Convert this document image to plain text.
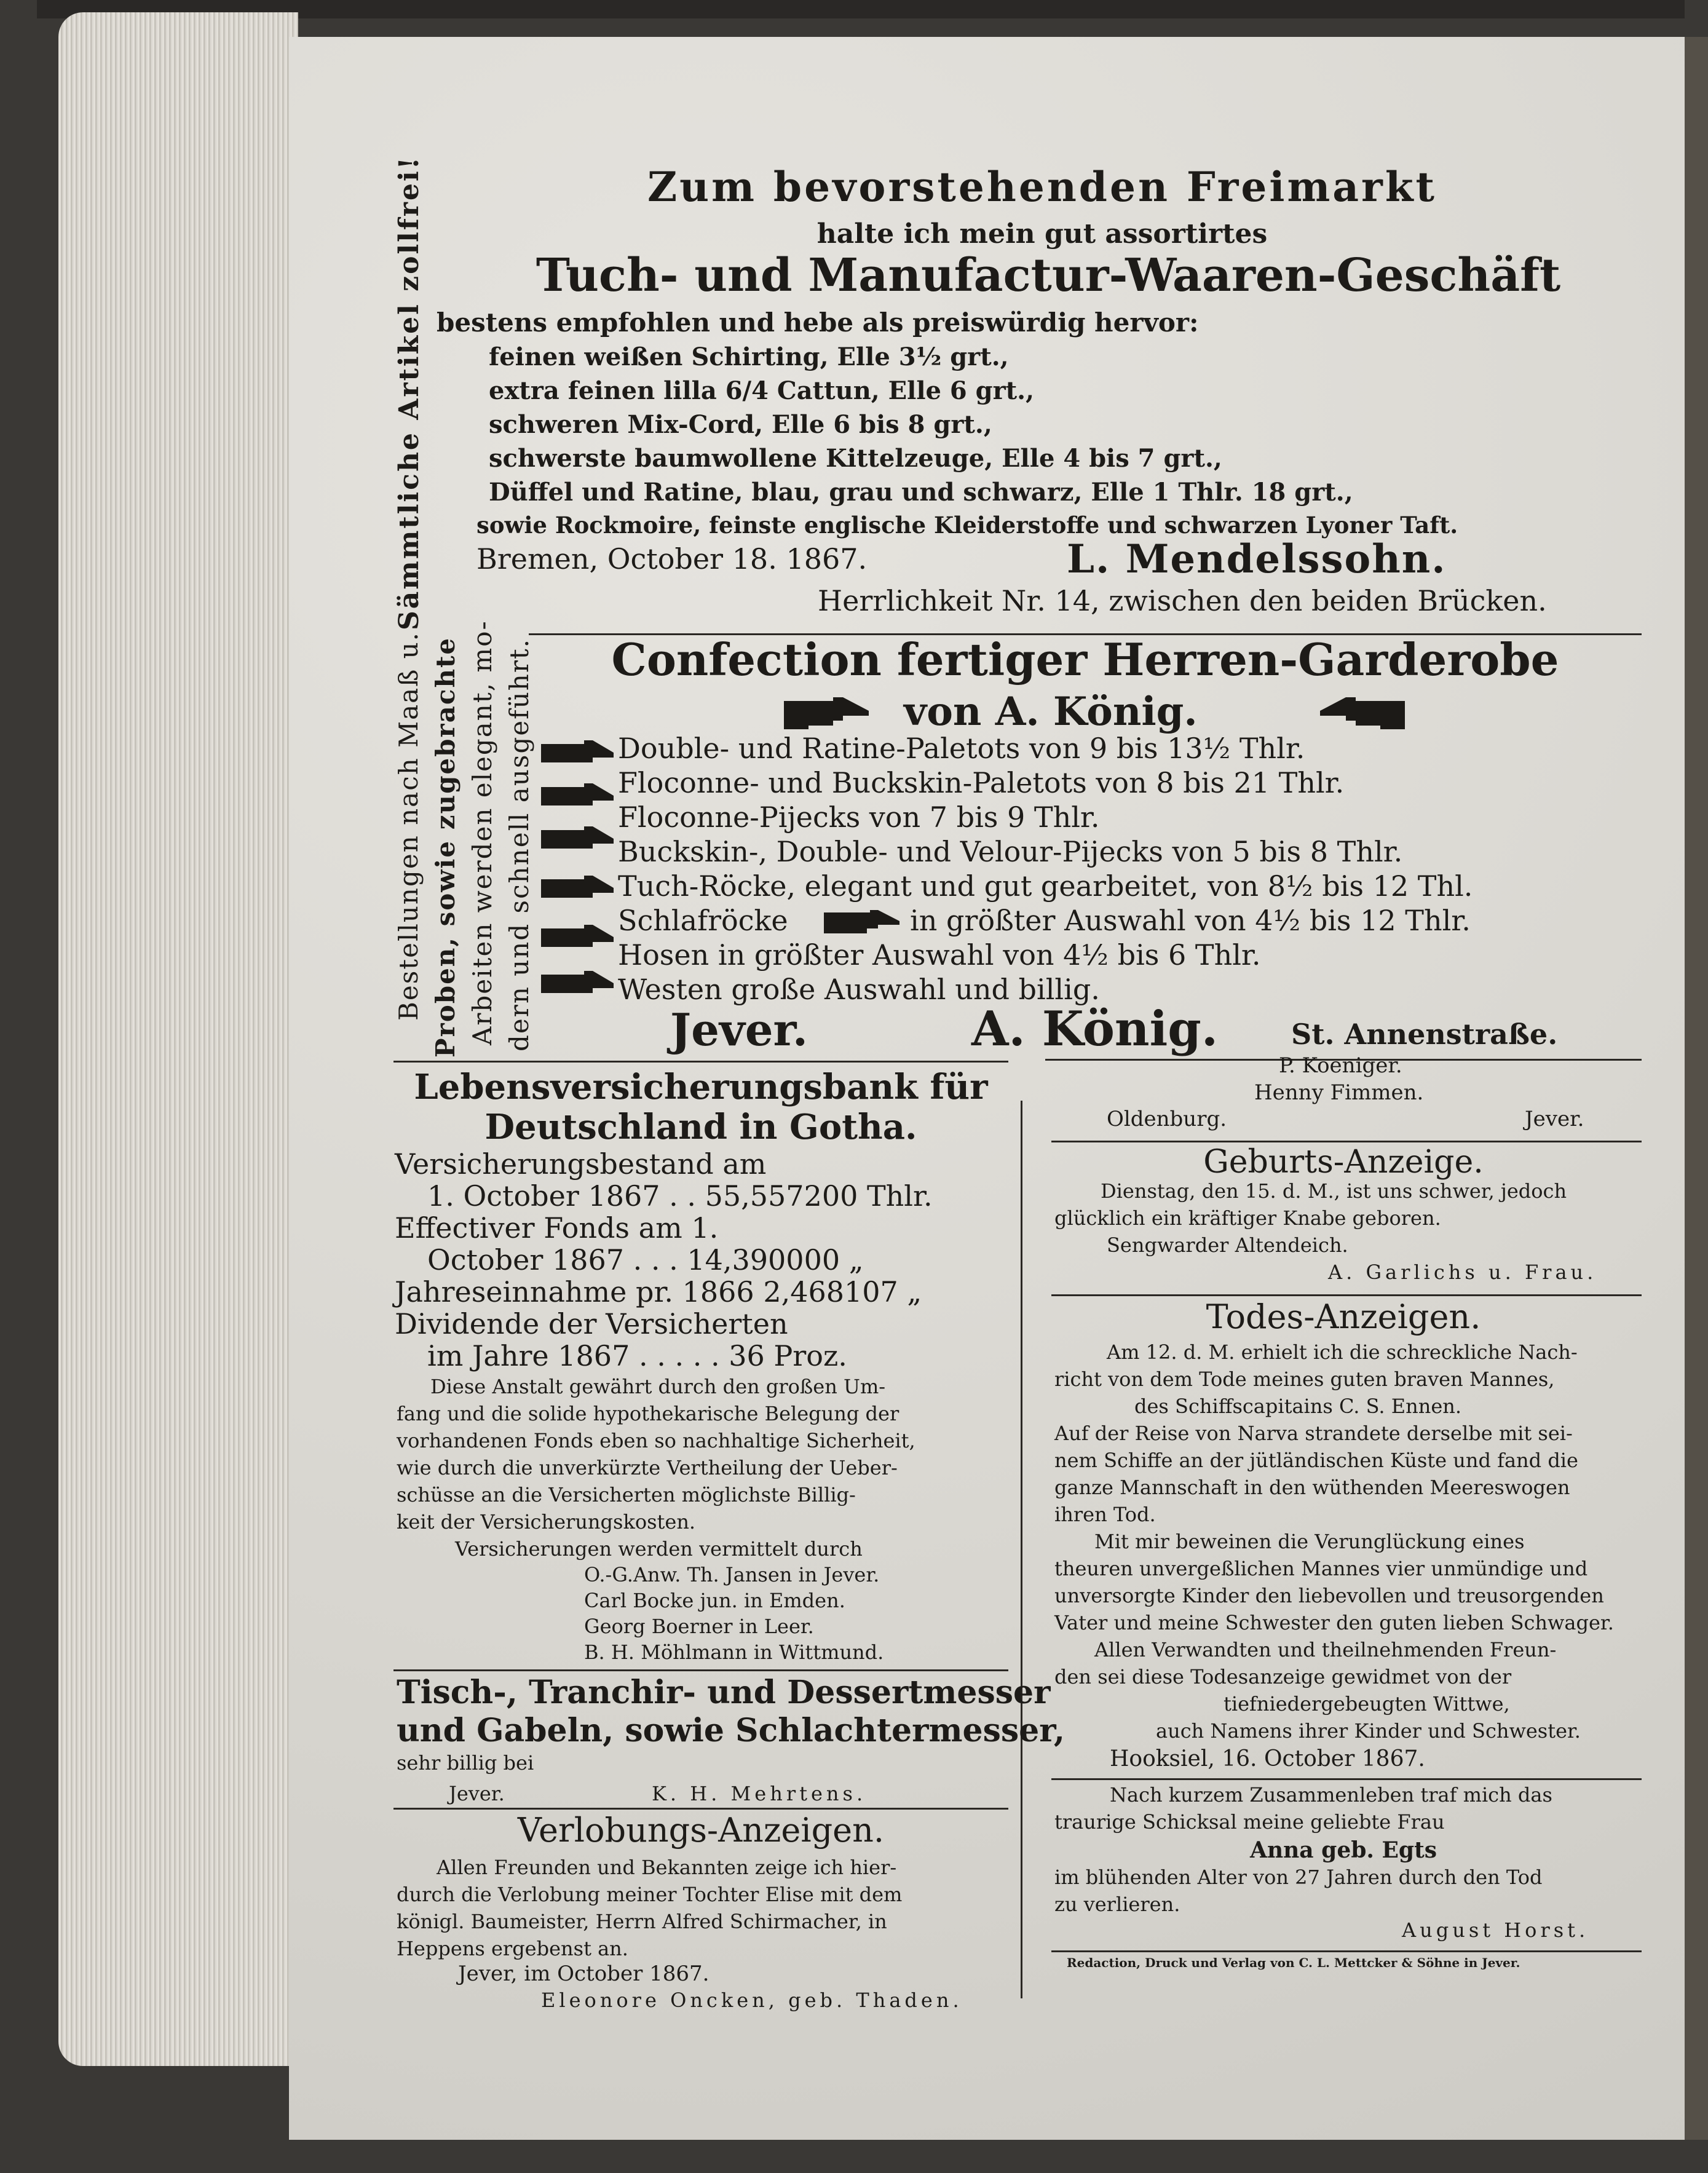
Sämmtliche Artikel zollfrei!
Bestellungen nach Maaß u. Proben, sowie zugebrachte Arbeiten werden elegant, mo- dern und schnell ausgeführt.
Zum bevorstehenden Freimarkt
halte ich mein gut assortirtes
Tuch- und Manufactur-Waaren-Geschäft
bestens empfohlen und hebe als preiswürdig hervor:
feinen weißen Schirting, Elle 3½ grt.,
extra feinen lilla 6/4 Cattun, Elle 6 grt.,
schweren Mix-Cord, Elle 6 bis 8 grt.,
schwerste baumwollene Kittelzeuge, Elle 4 bis 7 grt.,
Düffel und Ratine, blau, grau und schwarz, Elle 1 Thlr. 18 grt.,
sowie Rockmoire, feinste englische Kleiderstoffe und schwarzen Lyoner Taft.
Bremen, October 18. 1867.	L. Mendelssohn.
Herrlichkeit Nr. 14, zwischen den beiden Brücken.
Confection fertiger Herren-Garderobe
von A. König.
Double- und Ratine-Paletots von 9 bis 13½ Thlr.
Floconne- und Buckskin-Paletots von 8 bis 21 Thlr.
Floconne-Pijecks von 7 bis 9 Thlr.
Buckskin-, Double- und Velour-Pijecks von 5 bis 8 Thlr.
Tuch-Röcke, elegant und gut gearbeitet, von 8½ bis 12 Thl.
Schlafröcke	in größter Auswahl von 4½ bis 12 Thlr.
Hosen in größter Auswahl von 4½ bis 6 Thlr.
Westen große Auswahl und billig.
Jever.	A. König.	St. Annenstraße.
Lebensversicherungsbank für
Deutschland in Gotha.
Versicherungsbestand am
1. October 1867 . . 55,557200 Thlr.
Effectiver Fonds am 1.
October 1867 . . . 14,390000 „
Jahreseinnahme pr. 1866 2,468107 „
Dividende der Versicherten
im Jahre 1867 . . . . . 36 Proz.
Diese Anstalt gewährt durch den großen Um-
fang und die solide hypothekarische Belegung der
vorhandenen Fonds eben so nachhaltige Sicherheit,
wie durch die unverkürzte Vertheilung der Ueber-
schüsse an die Versicherten möglichste Billig-
keit der Versicherungskosten.
Versicherungen werden vermittelt durch
O.-G.Anw. Th. Jansen in Jever.
Carl Bocke jun. in Emden.
Georg Boerner in Leer.
B. H. Möhlmann in Wittmund.
Tisch-, Tranchir- und Dessertmesser
und Gabeln, sowie Schlachtermesser,
sehr billig bei
Jever.	K. H. Mehrtens.
Verlobungs-Anzeigen.
Allen Freunden und Bekannten zeige ich hier-
durch die Verlobung meiner Tochter Elise mit dem
königl. Baumeister, Herrn Alfred Schirmacher, in
Heppens ergebenst an.
Jever, im October 1867.
Eleonore Oncken, geb. Thaden.
P. Koeniger.
Henny Fimmen.
Oldenburg.	Jever.
Geburts-Anzeige.
Dienstag, den 15. d. M., ist uns schwer, jedoch
glücklich ein kräftiger Knabe geboren.
Sengwarder Altendeich.
A. Garlichs u. Frau.
Todes-Anzeigen.
Am 12. d. M. erhielt ich die schreckliche Nach-
richt von dem Tode meines guten braven Mannes,
des Schiffscapitains C. S. Ennen.
Auf der Reise von Narva strandete derselbe mit sei-
nem Schiffe an der jütländischen Küste und fand die
ganze Mannschaft in den wüthenden Meereswogen
ihren Tod.
Mit mir beweinen die Verunglückung eines
theuren unvergeßlichen Mannes vier unmündige und
unversorgte Kinder den liebevollen und treusorgenden
Vater und meine Schwester den guten lieben Schwager.
Allen Verwandten und theilnehmenden Freun-
den sei diese Todesanzeige gewidmet von der
tiefniedergebeugten Wittwe,
auch Namens ihrer Kinder und Schwester.
Hooksiel, 16. October 1867.
Nach kurzem Zusammenleben traf mich das
traurige Schicksal meine geliebte Frau
Anna geb. Egts
im blühenden Alter von 27 Jahren durch den Tod
zu verlieren.
August Horst.
Redaction, Druck und Verlag von C. L. Mettcker & Söhne in Jever.
